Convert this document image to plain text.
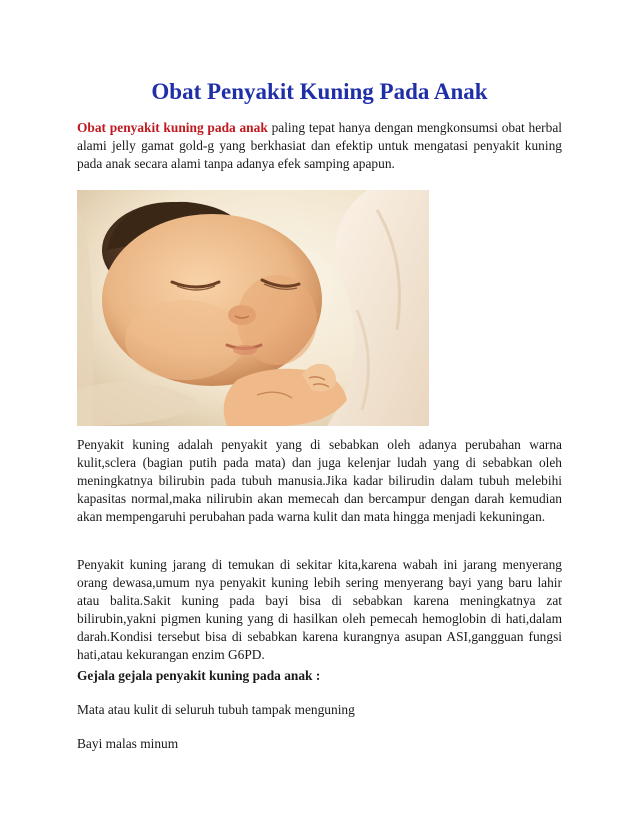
Obat Penyakit Kuning Pada Anak

Obat penyakit kuning pada anak paling tepat hanya dengan mengkonsumsi obat herbal alami jelly gamat gold-g yang berkhasiat dan efektip untuk mengatasi penyakit kuning pada anak secara alami tanpa adanya efek samping apapun.

Penyakit kuning adalah penyakit yang di sebabkan oleh adanya perubahan warna kulit,sclera (bagian putih pada mata) dan juga kelenjar ludah yang di sebabkan oleh meningkatnya bilirubin pada tubuh manusia.Jika kadar bilirudin dalam tubuh melebihi kapasitas normal,maka nilirubin akan memecah dan bercampur dengan darah kemudian akan mempengaruhi perubahan pada warna kulit dan mata hingga menjadi kekuningan.

Penyakit kuning jarang di temukan di sekitar kita,karena wabah ini jarang menyerang orang dewasa,umum nya penyakit kuning lebih sering menyerang bayi yang baru lahir atau balita.Sakit kuning pada bayi bisa di sebabkan karena meningkatnya zat bilirubin,yakni pigmen kuning yang di hasilkan oleh pemecah hemoglobin di hati,dalam darah.Kondisi tersebut bisa di sebabkan karena kurangnya asupan ASI,gangguan fungsi hati,atau kekurangan enzim G6PD.

Gejala gejala penyakit kuning pada anak :

Mata atau kulit di seluruh tubuh tampak menguning

Bayi malas minum
